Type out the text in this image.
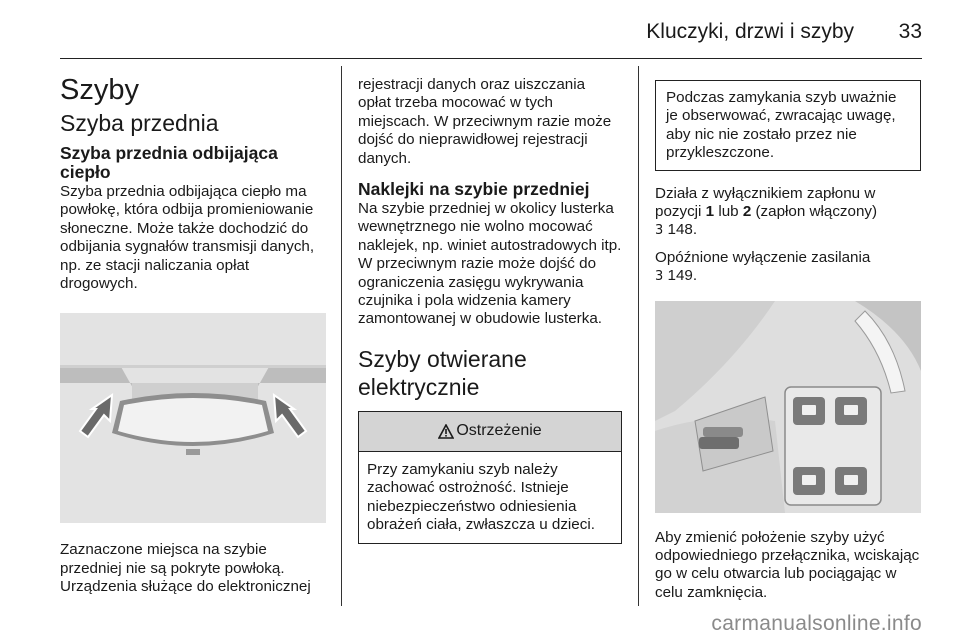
Kluczyki, drzwi i szyby 33
Szyby
Szyba przednia
Szyba przednia odbijająca ciepło

Szyba przednia odbijająca ciepło ma powłokę, która odbija promieniowanie słoneczne. Może także dochodzić do odbijania sygnałów transmisji danych, np. ze stacji naliczania opłat drogowych.

Zaznaczone miejsca na szybie przedniej nie są pokryte powłoką. Urządzenia służące do elektronicznej

rejestracji danych oraz uiszczania opłat trzeba mocować w tych miejscach. W przeciwnym razie może dojść do nieprawidłowej rejestracji danych.

Naklejki na szybie przedniej

Na szybie przedniej w okolicy lusterka wewnętrznego nie wolno mocować naklejek, np. winiet autostradowych itp. W przeciwnym razie może dojść do ograniczenia zasięgu wykrywania czujnika i pola widzenia kamery zamontowanej w obudowie lusterka.

Szyby otwierane elektrycznie
Ostrzeżenie

Przy zamykaniu szyb należy zachować ostrożność. Istnieje niebezpieczeństwo odniesienia obrażeń ciała, zwłaszcza u dzieci.

Podczas zamykania szyb uważnie je obserwować, zwracając uwagę, aby nic nie zostało przez nie przykleszczone.

Działa z wyłącznikiem zapłonu w pozycji 1 lub 2 (zapłon włączony)
3 148.

Opóźnione wyłączenie zasilania
3 149.

Aby zmienić położenie szyby użyć odpowiedniego przełącznika, wciskając go w celu otwarcia lub pociągając w celu zamknięcia.

carmanualsonline.info
